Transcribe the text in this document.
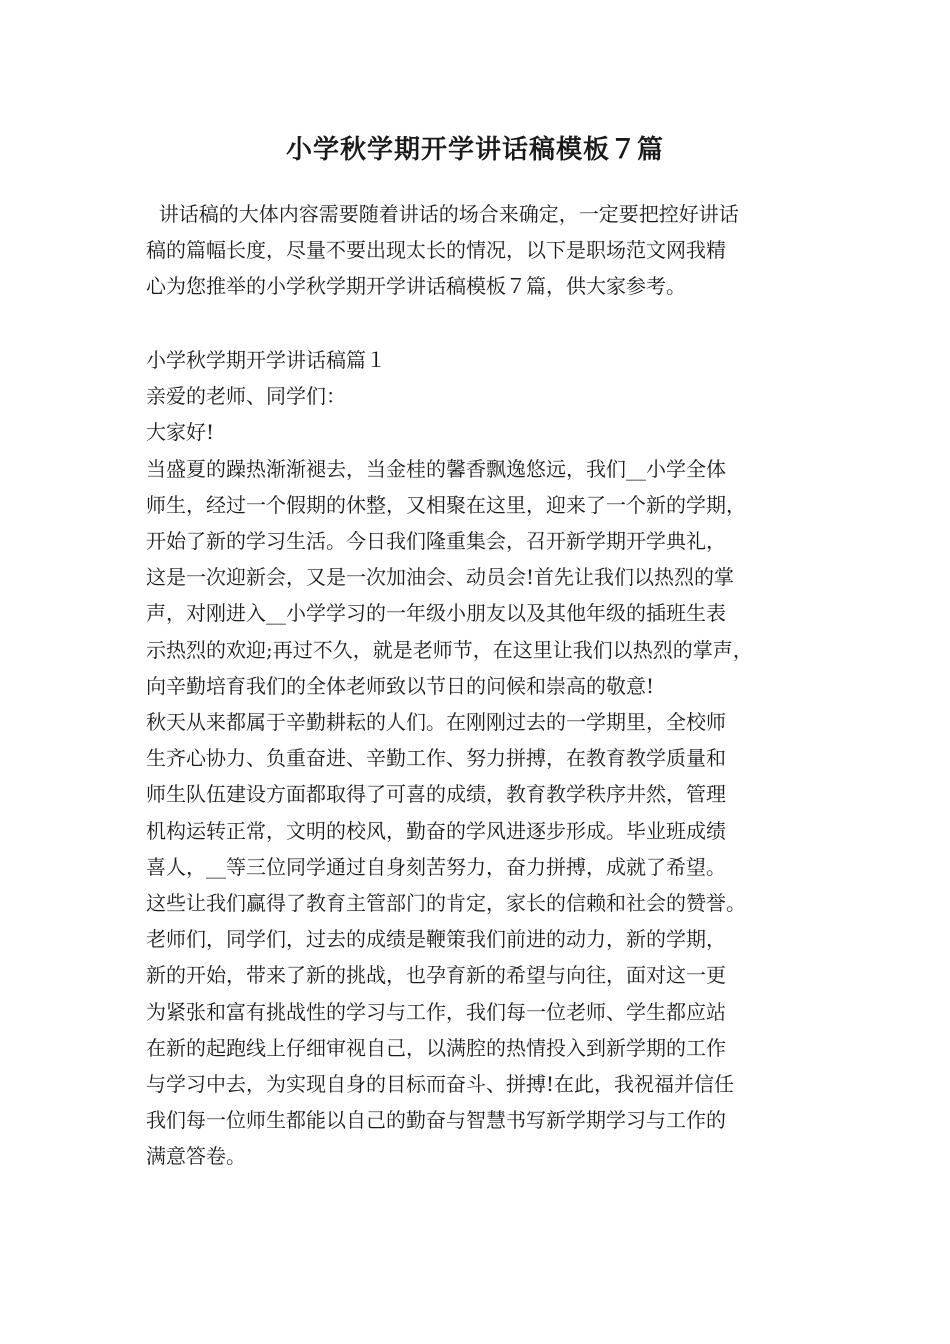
小学秋学期开学讲话稿模板７篇
讲话稿的大体内容需要随着讲话的场合来确定，一定要把控好讲话
稿的篇幅长度，尽量不要出现太长的情况，以下是职场范文网我精
心为您推举的小学秋学期开学讲话稿模板７篇，供大家参考。
小学秋学期开学讲话稿篇１
亲爱的老师、同学们：
大家好!
当盛夏的躁热渐渐褪去，当金桂的馨香飘逸悠远，我们__小学全体
师生，经过一个假期的休整，又相聚在这里，迎来了一个新的学期，
开始了新的学习生活。今日我们隆重集会，召开新学期开学典礼，
这是一次迎新会，又是一次加油会、动员会!首先让我们以热烈的掌
声，对刚进入__小学学习的一年级小朋友以及其他年级的插班生表
示热烈的欢迎;再过不久，就是老师节，在这里让我们以热烈的掌声，
向辛勤培育我们的全体老师致以节日的问候和崇高的敬意!
秋天从来都属于辛勤耕耘的人们。在刚刚过去的一学期里，全校师
生齐心协力、负重奋进、辛勤工作、努力拼搏，在教育教学质量和
师生队伍建设方面都取得了可喜的成绩，教育教学秩序井然，管理
机构运转正常，文明的校风，勤奋的学风进逐步形成。毕业班成绩
喜人，__等三位同学通过自身刻苦努力，奋力拼搏，成就了希望。
这些让我们赢得了教育主管部门的肯定，家长的信赖和社会的赞誉。
老师们，同学们，过去的成绩是鞭策我们前进的动力，新的学期，
新的开始，带来了新的挑战，也孕育新的希望与向往，面对这一更
为紧张和富有挑战性的学习与工作，我们每一位老师、学生都应站
在新的起跑线上仔细审视自己，以满腔的热情投入到新学期的工作
与学习中去，为实现自身的目标而奋斗、拼搏!在此，我祝福并信任
我们每一位师生都能以自己的勤奋与智慧书写新学期学习与工作的
满意答卷。
